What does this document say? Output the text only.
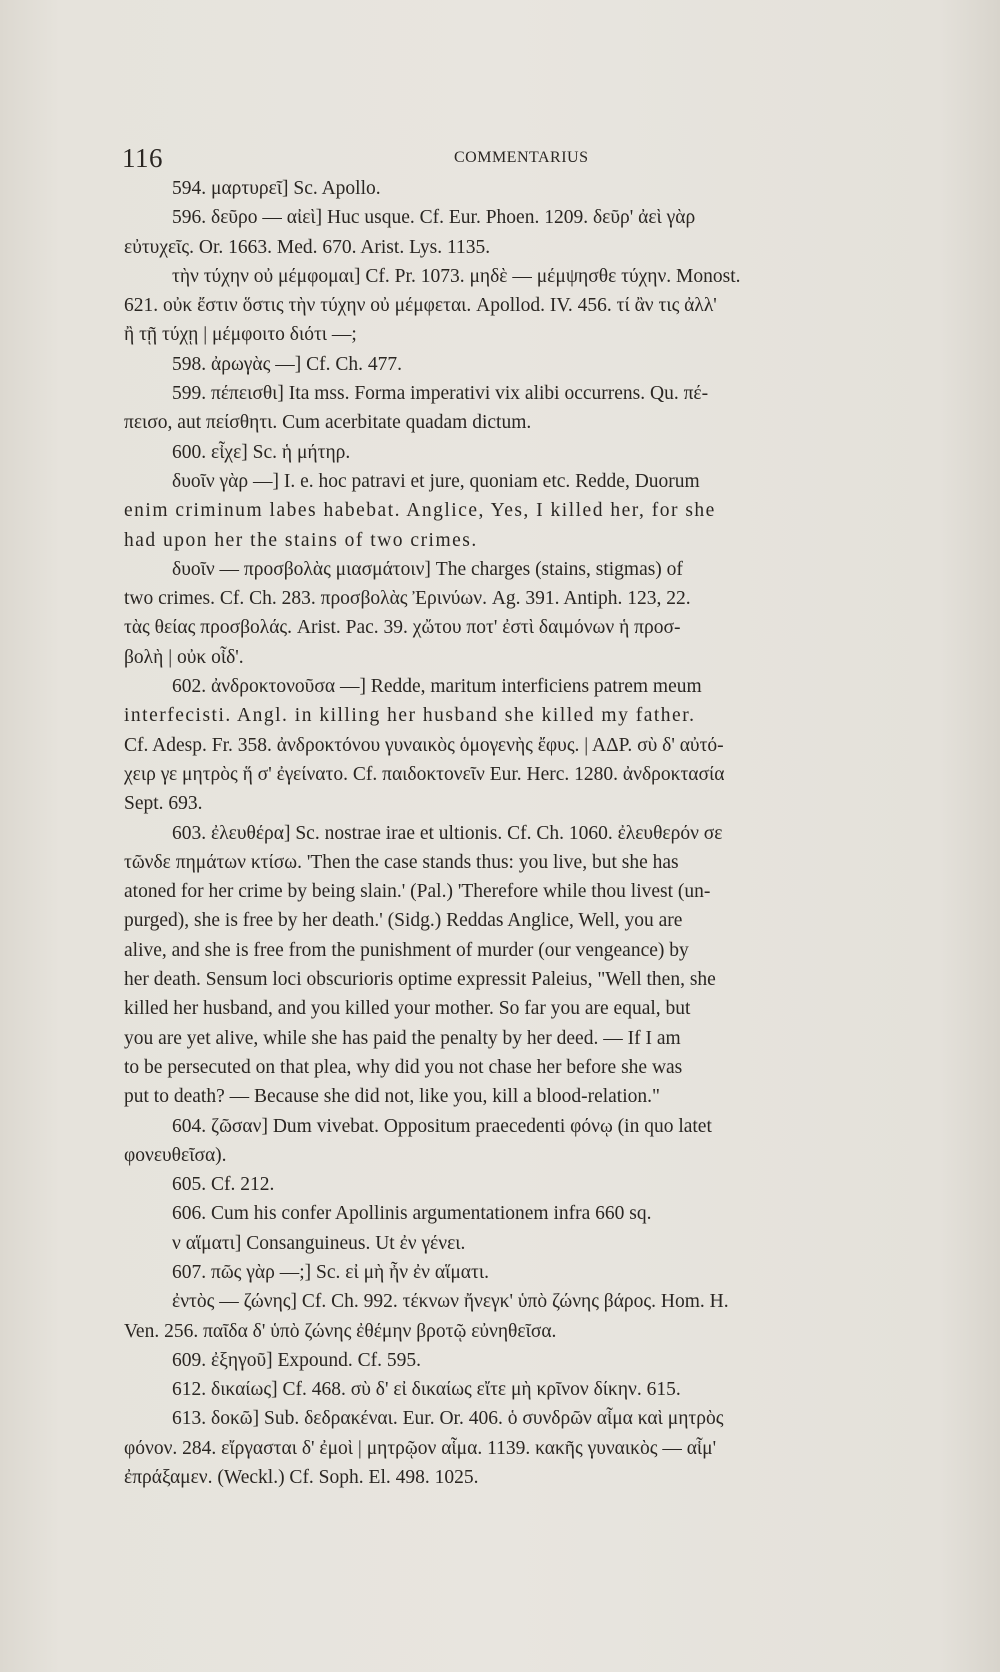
116	COMMENTARIUS
594. μαρτυρεῖ] Sc. Apollo.
596. δεῦρο — αἰεὶ] Huc usque. Cf. Eur. Phoen. 1209. δεῦρ' ἀεὶ γὰρ
εὐτυχεῖς. Or. 1663. Med. 670. Arist. Lys. 1135.
τὴν τύχην οὐ μέμφομαι] Cf. Pr. 1073. μηδὲ — μέμψησθε τύχην. Monost.
621. οὐκ ἔστιν ὅστις τὴν τύχην οὐ μέμφεται. Apollod. IV. 456. τί ἂν τις ἀλλ'
ἢ τῇ τύχῃ | μέμφοιτο διότι —;
598. ἀρωγὰς —] Cf. Ch. 477.
599. πέπεισθι] Ita mss. Forma imperativi vix alibi occurrens. Qu. πέ-
πεισο, aut πείσθητι. Cum acerbitate quadam dictum.
600. εἶχε] Sc. ἡ μήτηρ.
δυοῖν γὰρ —] I. e. hoc patravi et jure, quoniam etc. Redde, Duorum
enim criminum labes habebat. Anglice, Yes, I killed her, for she
had upon her the stains of two crimes.
δυοῖν — προσβολὰς μιασμάτοιν] The charges (stains, stigmas) of
two crimes. Cf. Ch. 283. προσβολὰς Ἐρινύων. Ag. 391. Antiph. 123, 22.
τὰς θείας προσβολάς. Arist. Pac. 39. χὤτου ποτ' ἐστὶ δαιμόνων ἡ προσ-
βολὴ | οὐκ οἶδ'.
602. ἀνδροκτονοῦσα —] Redde, maritum interficiens patrem meum
interfecisti. Angl. in killing her husband she killed my father.
Cf. Adesp. Fr. 358. ἀνδροκτόνου γυναικὸς ὁμογενὴς ἔφυς. | ΑΔΡ. σὺ δ' αὐτό-
χειρ γε μητρὸς ἥ σ' ἐγείνατο. Cf. παιδοκτονεῖν Eur. Herc. 1280. ἀνδροκτασία
Sept. 693.
603. ἐλευθέρα] Sc. nostrae irae et ultionis. Cf. Ch. 1060. ἐλευθερόν σε
τῶνδε πημάτων κτίσω. 'Then the case stands thus: you live, but she has
atoned for her crime by being slain.' (Pal.) 'Therefore while thou livest (un-
purged), she is free by her death.' (Sidg.) Reddas Anglice, Well, you are
alive, and she is free from the punishment of murder (our vengeance) by
her death. Sensum loci obscurioris optime expressit Paleius, "Well then, she
killed her husband, and you killed your mother. So far you are equal, but
you are yet alive, while she has paid the penalty by her deed. — If I am
to be persecuted on that plea, why did you not chase her before she was
put to death? — Because she did not, like you, kill a blood-relation."
604. ζῶσαν] Dum vivebat. Oppositum praecedenti φόνῳ (in quo latet
φονευθεῖσα).
605. Cf. 212.
606. Cum his confer Apollinis argumentationem infra 660 sq.
ν αἵματι] Consanguineus. Ut ἐν γένει.
607. πῶς γὰρ —;] Sc. εἰ μὴ ἦν ἐν αἵματι.
ἐντὸς — ζώνης] Cf. Ch. 992. τέκνων ἤνεγκ' ὑπὸ ζώνης βάρος. Hom. H.
Ven. 256. παῖδα δ' ὑπὸ ζώνης ἐθέμην βροτῷ εὐνηθεῖσα.
609. ἐξηγοῦ] Expound. Cf. 595.
612. δικαίως] Cf. 468. σὺ δ' εἰ δικαίως εἴτε μὴ κρῖνον δίκην. 615.
613. δοκῶ] Sub. δεδρακέναι. Eur. Or. 406. ὁ συνδρῶν αἷμα καὶ μητρὸς
φόνον. 284. εἴργασται δ' ἐμοὶ | μητρῷον αἷμα. 1139. κακῆς γυναικὸς — αἷμ'
ἐπράξαμεν. (Weckl.) Cf. Soph. El. 498. 1025.
